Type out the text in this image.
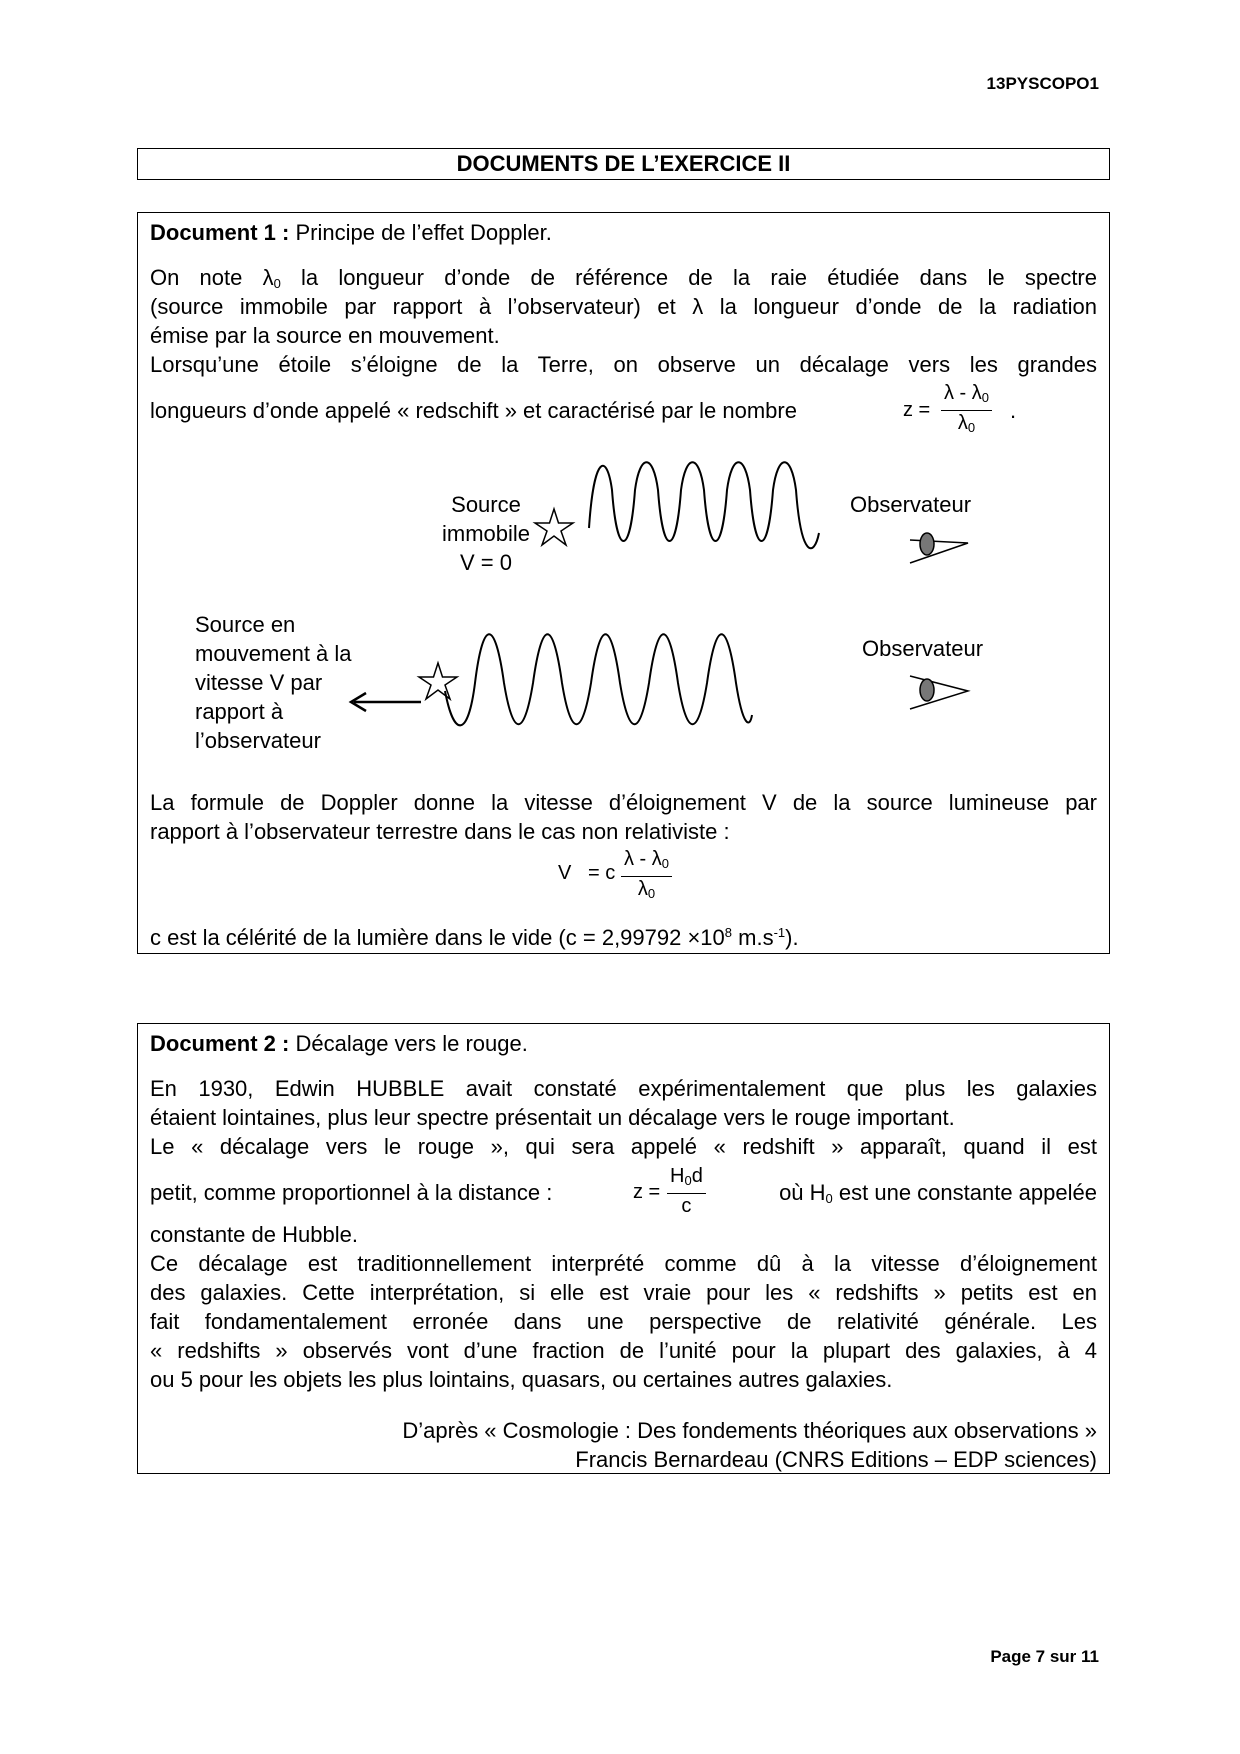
13PYSCOPO1
DOCUMENTS DE L’EXERCICE II
Document 1 : Principe de l’effet Doppler.
On note $\lambda_0$ la longueur d’onde de référence de la raie étudiée dans le spectre
(source immobile par rapport à l’observateur) et λ la longueur d’onde de la radiation
émise par la source en mouvement.
Lorsqu’une étoile s’éloigne de la Terre, on observe un décalage vers les grandes
longueurs d’onde appelé « redschift » et caractérisé par le nombre	$z = \frac{\lambda - \lambda_0}{\lambda_0}$ .
Source
immobile
V = 0
Observateur
Source en
mouvement à la
vitesse V par
rapport à
l’observateur
Observateur
La formule de Doppler donne la vitesse d’éloignement V de la source lumineuse par
rapport à l’observateur terrestre dans le cas non relativiste :
V = c $\frac{\lambda - \lambda_0}{\lambda_0}$
c est la célérité de la lumière dans le vide ($c = 2,99792 \times 10^8$ $m.s^{-1}$).
Document 2 : Décalage vers le rouge.
En 1930, Edwin HUBBLE avait constaté expérimentalement que plus les galaxies
étaient lointaines, plus leur spectre présentait un décalage vers le rouge important.
Le « décalage vers le rouge », qui sera appelé « redshift » apparaît, quand il est
petit, comme proportionnel à la distance :	$z = \frac{H_0d}{c}$	où $H_0$ est une constante appelée
constante de Hubble.
Ce décalage est traditionnellement interprété comme dû à la vitesse d’éloignement
des galaxies. Cette interprétation, si elle est vraie pour les « redshifts » petits est en
fait fondamentalement erronée dans une perspective de relativité générale. Les
« redshifts » observés vont d’une fraction de l’unité pour la plupart des galaxies, à 4
ou 5 pour les objets les plus lointains, quasars, ou certaines autres galaxies.
D’après « Cosmologie : Des fondements théoriques aux observations »
Francis Bernardeau (CNRS Editions – EDP sciences)
Page 7 sur 11
